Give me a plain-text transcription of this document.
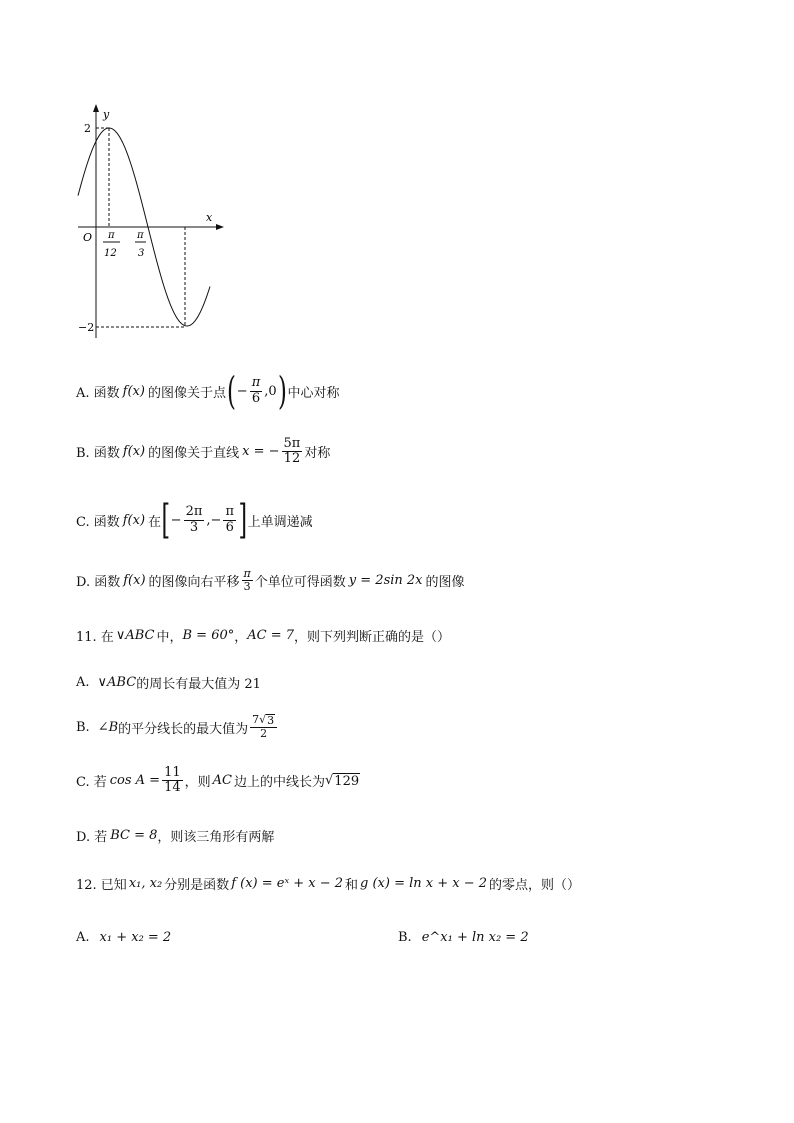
y
x
O
2
−2
π
12
π
3
A. 函数 f(x) 的图像关于点 ( − $\frac{\pi}{6} ,0$ ) 中心对称
B. 函数 f(x) 的图像关于直线 x = − $\frac{5\pi}{12}$ 对称
C. 函数 f(x) 在 [ − $\frac{2\pi}{3}$ ,− $\frac{\pi}{6}$ ] 上单调递减
D. 函数 f(x) 的图像向右平移 $\frac{\pi}{3}$ 个单位可得函数 y = 2sin 2x 的图像
11. 在 ∨ABC 中， B = 60° ， AC = 7 ，则下列判断正确的是（）
A. ∨ABC 的周长有最大值为 21
B. ∠B 的平分线长的最大值为 $\frac{7√ 3}{2}$
C. 若 $\cos A = \frac{11}{14}$ ，则 AC 边上的中线长为 √ 129
D. 若 BC = 8 ，则该三角形有两解
12. 已知 x₁, x₂ 分别是函数 f (x) = eˣ + x − 2 和 g (x) = ln x + x − 2 的零点，则（）
A. x₁ + x₂ = 2	B. e^x₁ + ln x₂ = 2
